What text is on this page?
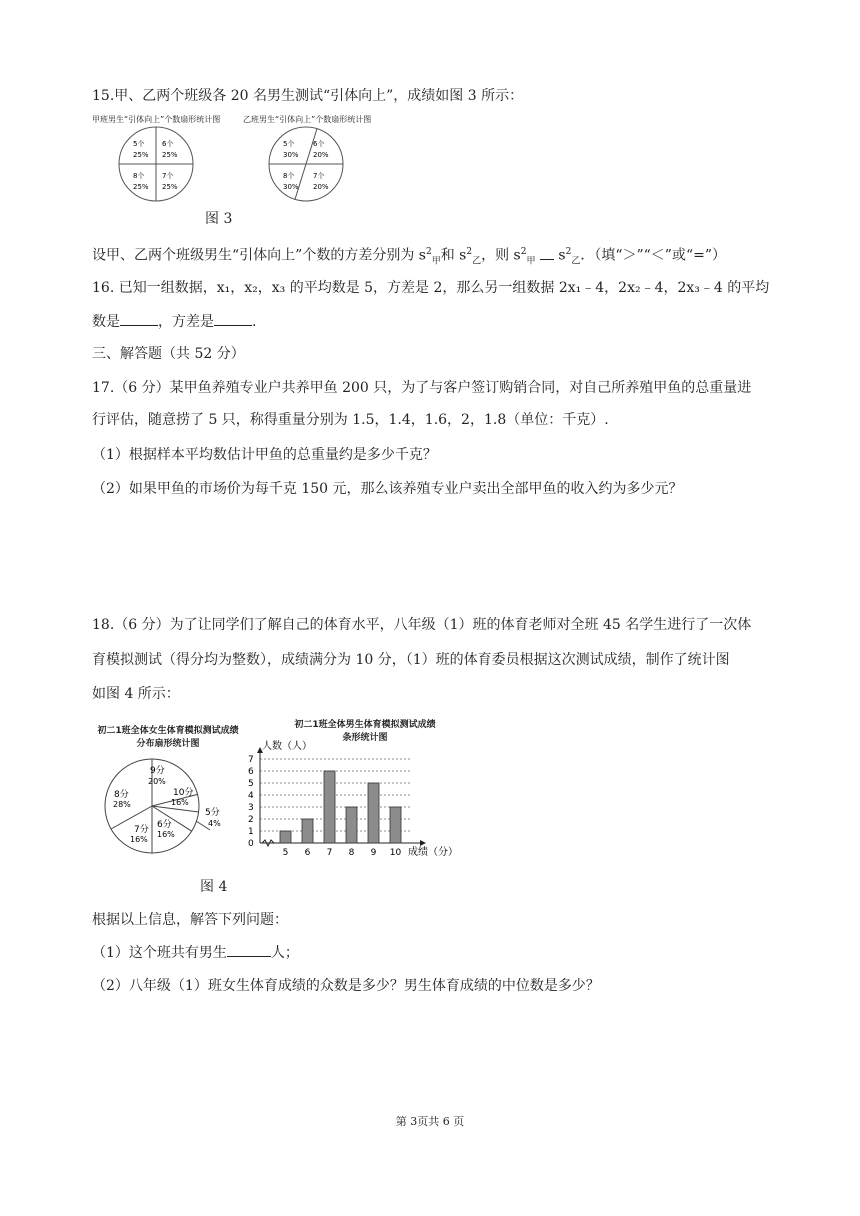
15.甲、乙两个班级各 20 名男生测试“引体向上”，成绩如图 3 所示：
甲班男生“引体向上”个数扇形统计图
5个
25%
6个
25%
7个
25%
8个
25%
乙班男生“引体向上”个数扇形统计图
5个
30%
6个
20%
7个
20%
8个
30%
图 3
设甲、乙两个班级男生“引体向上”个数的方差分别为 $s^2_甲$和 $s^2_乙$，则 $s^2_甲$ $s^2_乙$．（填“＞”“＜”或“=”）
16. 已知一组数据，x₁，x₂，x₃ 的平均数是 5，方差是 2，那么另一组数据 2x₁﹣4，2x₂﹣4，2x₃﹣4 的平均
数是	，方差是	.
三、解答题（共 52 分）
17.（6 分）某甲鱼养殖专业户共养甲鱼 200 只，为了与客户签订购销合同，对自己所养殖甲鱼的总重量进
行评估，随意捞了 5 只，称得重量分别为 1.5，1.4，1.6，2，1.8（单位：千克）.
（1）根据样本平均数估计甲鱼的总重量约是多少千克？
（2）如果甲鱼的市场价为每千克 150 元，那么该养殖专业户卖出全部甲鱼的收入约为多少元？
18.（6 分）为了让同学们了解自己的体育水平，八年级（1）班的体育老师对全班 45 名学生进行了一次体
育模拟测试（得分均为整数），成绩满分为 10 分，（1）班的体育委员根据这次测试成绩，制作了统计图
如图 4 所示：
初二1班全体女生体育模拟测试成绩
分布扇形统计图
9分
20%
10分
16%
5分
4%
6分
16%
7分
16%
8分
28%
初二1班全体男生体育模拟测试成绩
条形统计图
人数（人）
成绩（分）
0
1
2
3
4
5
6
7
5 6 7 8 9 10
图 4
根据以上信息，解答下列问题：
（1）这个班共有男生	人；
（2）八年级（1）班女生体育成绩的众数是多少？男生体育成绩的中位数是多少？
第 3页共 6 页
